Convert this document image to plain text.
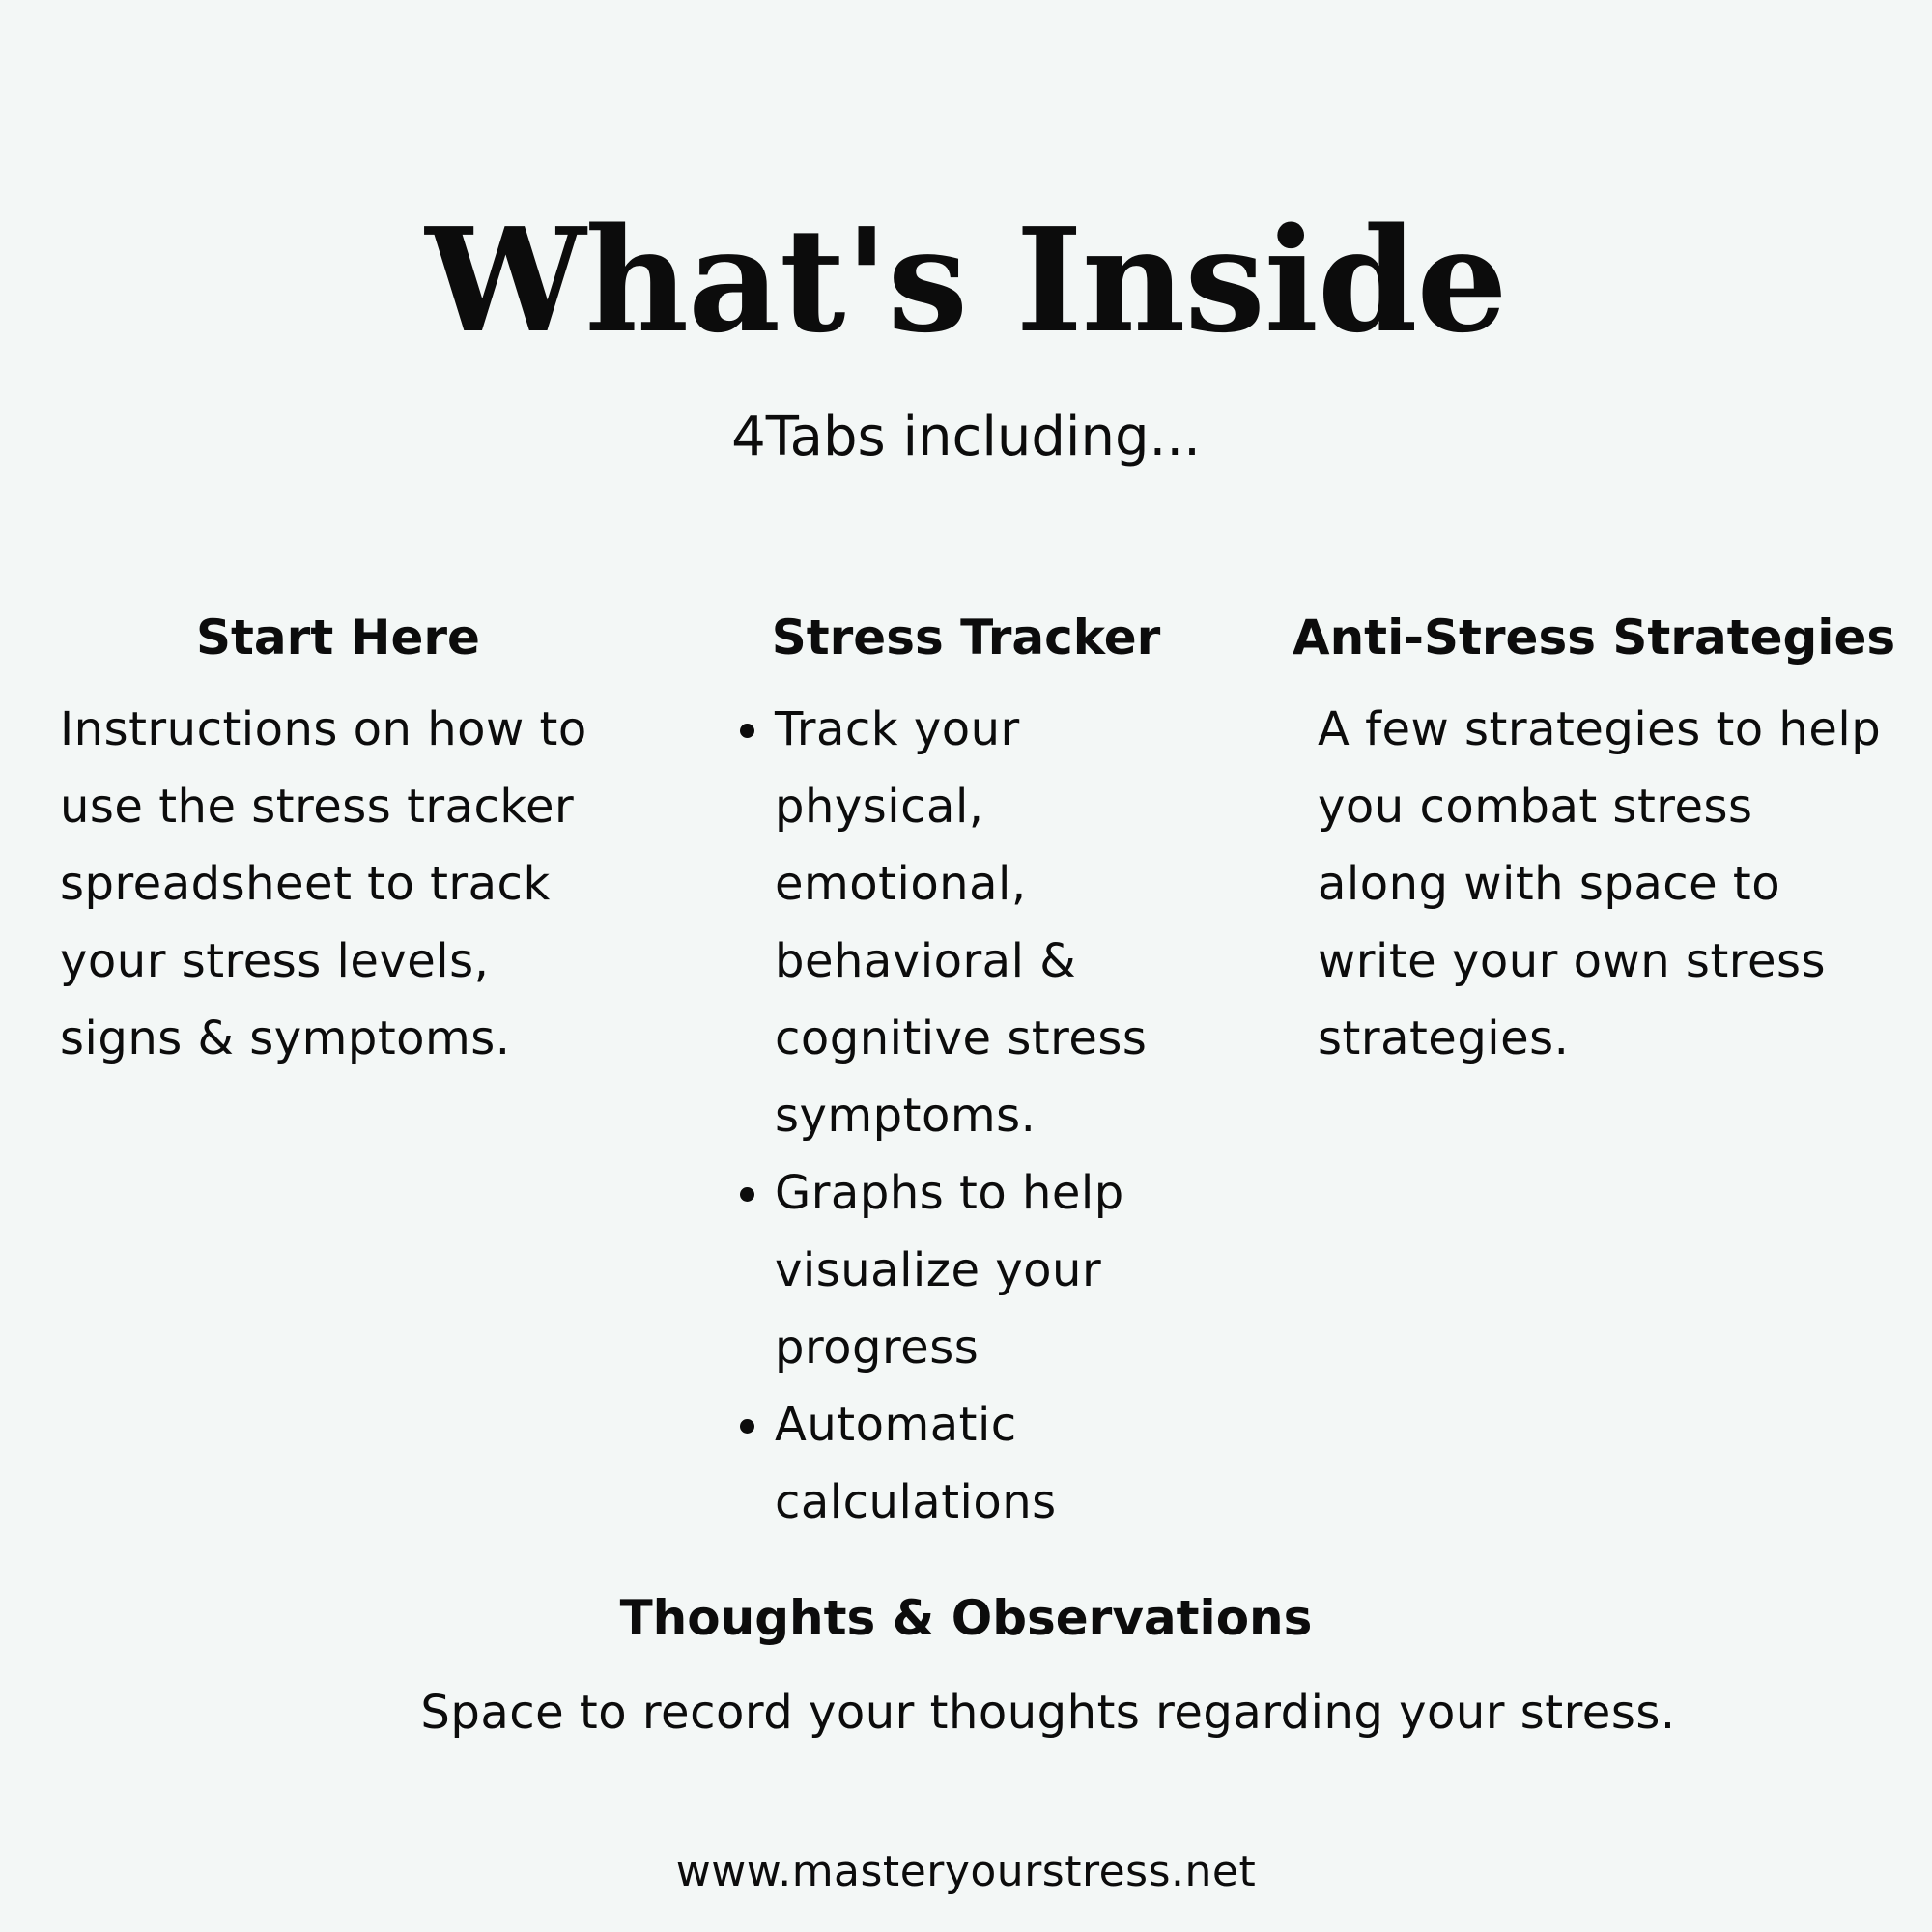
What's Inside
4Tabs including...
Start Here

Instructions on how to use the stress tracker spreadsheet to track your stress levels, signs & symptoms.

Stress Tracker
• Track your physical, emotional, behavioral & cognitive stress symptoms.
• Graphs to help visualize your progress
• Automatic calculations
Anti-Stress Strategies

A few strategies to help you combat stress along with space to write your own stress strategies.

Thoughts & Observations

Space to record your thoughts regarding your stress.

www.masteryourstress.net
